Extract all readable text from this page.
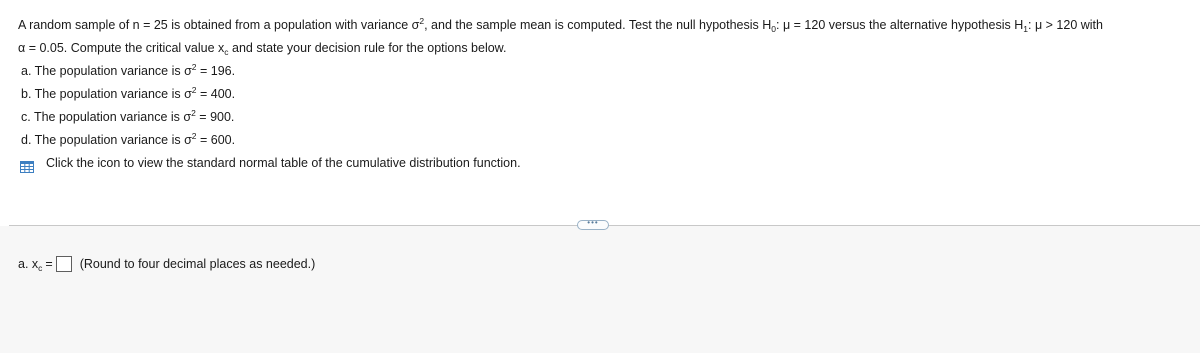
A random sample of n = 25 is obtained from a population with variance $\sigma^2$, and the sample mean is computed. Test the null hypothesis $H_0$: μ = 120 versus the alternative hypothesis $H_1$: μ > 120 with
α = 0.05. Compute the critical value $x_c$ and state your decision rule for the options below.
a. The population variance is $\sigma^2 = 196$.
b. The population variance is $\sigma^2 = 400$.
c. The population variance is $\sigma^2 = 900$.
d. The population variance is $\sigma^2 = 600$.
Click the icon to view the standard normal table of the cumulative distribution function.
•••
a. $x_c$ = (Round to four decimal places as needed.)
